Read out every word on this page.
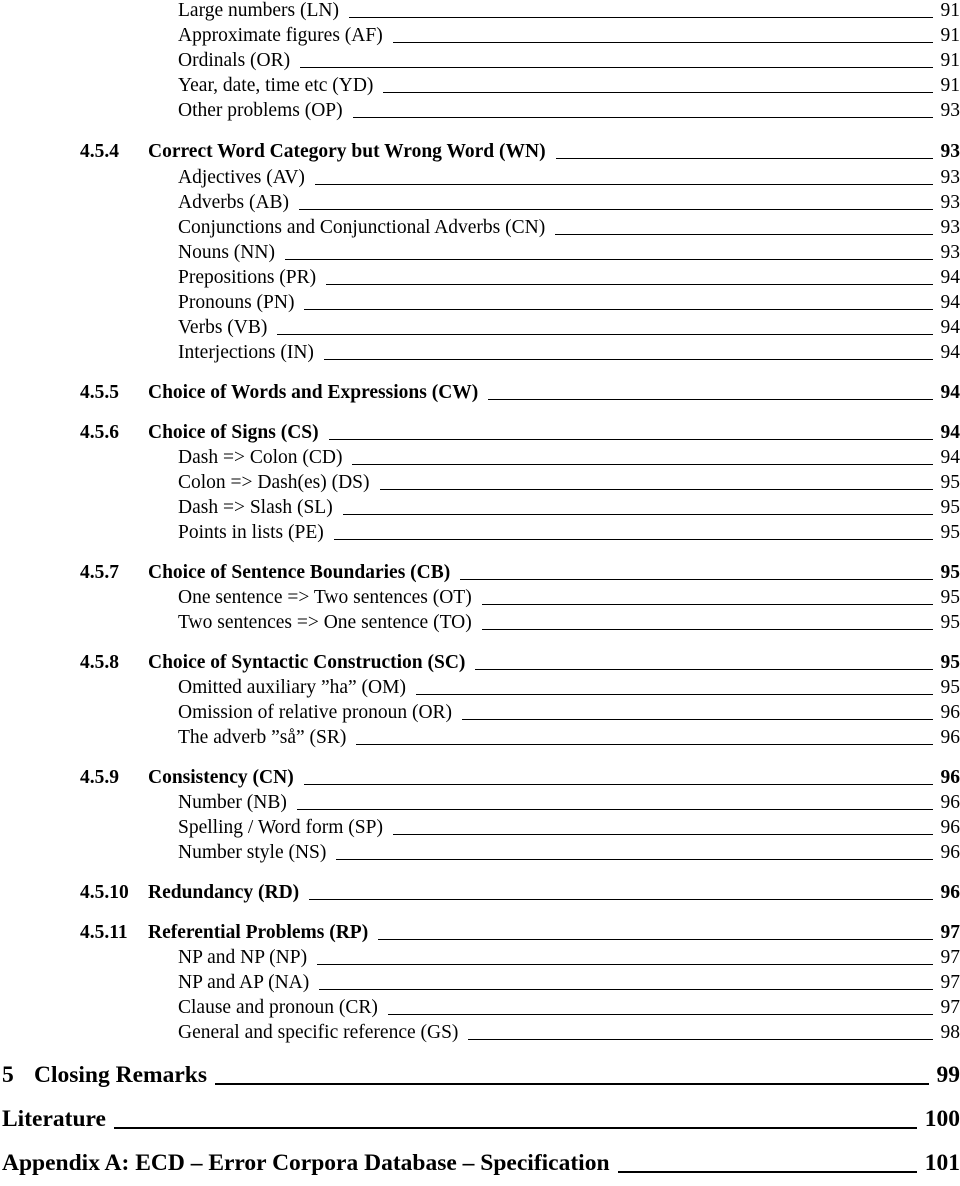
Large numbers (LN)	91
Approximate figures (AF)	91
Ordinals (OR)	91
Year, date, time etc (YD)	91
Other problems (OP)	93
4.5.4	Correct Word Category but Wrong Word (WN)	93
Adjectives (AV)	93
Adverbs (AB)	93
Conjunctions and Conjunctional Adverbs (CN)	93
Nouns (NN)	93
Prepositions (PR)	94
Pronouns (PN)	94
Verbs (VB)	94
Interjections (IN)	94
4.5.5	Choice of Words and Expressions (CW)	94
4.5.6	Choice of Signs (CS)	94
Dash => Colon (CD)	94
Colon => Dash(es) (DS)	95
Dash => Slash (SL)	95
Points in lists (PE)	95
4.5.7	Choice of Sentence Boundaries (CB)	95
One sentence => Two sentences (OT)	95
Two sentences => One sentence (TO)	95
4.5.8	Choice of Syntactic Construction (SC)	95
Omitted auxiliary ”ha” (OM)	95
Omission of relative pronoun (OR)	96
The adverb ”så” (SR)	96
4.5.9	Consistency (CN)	96
Number (NB)	96
Spelling / Word form (SP)	96
Number style (NS)	96
4.5.10 Redundancy (RD)	96
4.5.11	Referential Problems (RP)	97
NP and NP (NP)	97
NP and AP (NA)	97
Clause and pronoun (CR)	97
General and specific reference (GS)	98
5 Closing Remarks	99
Literature	100
Appendix A: ECD – Error Corpora Database – Specification	101
